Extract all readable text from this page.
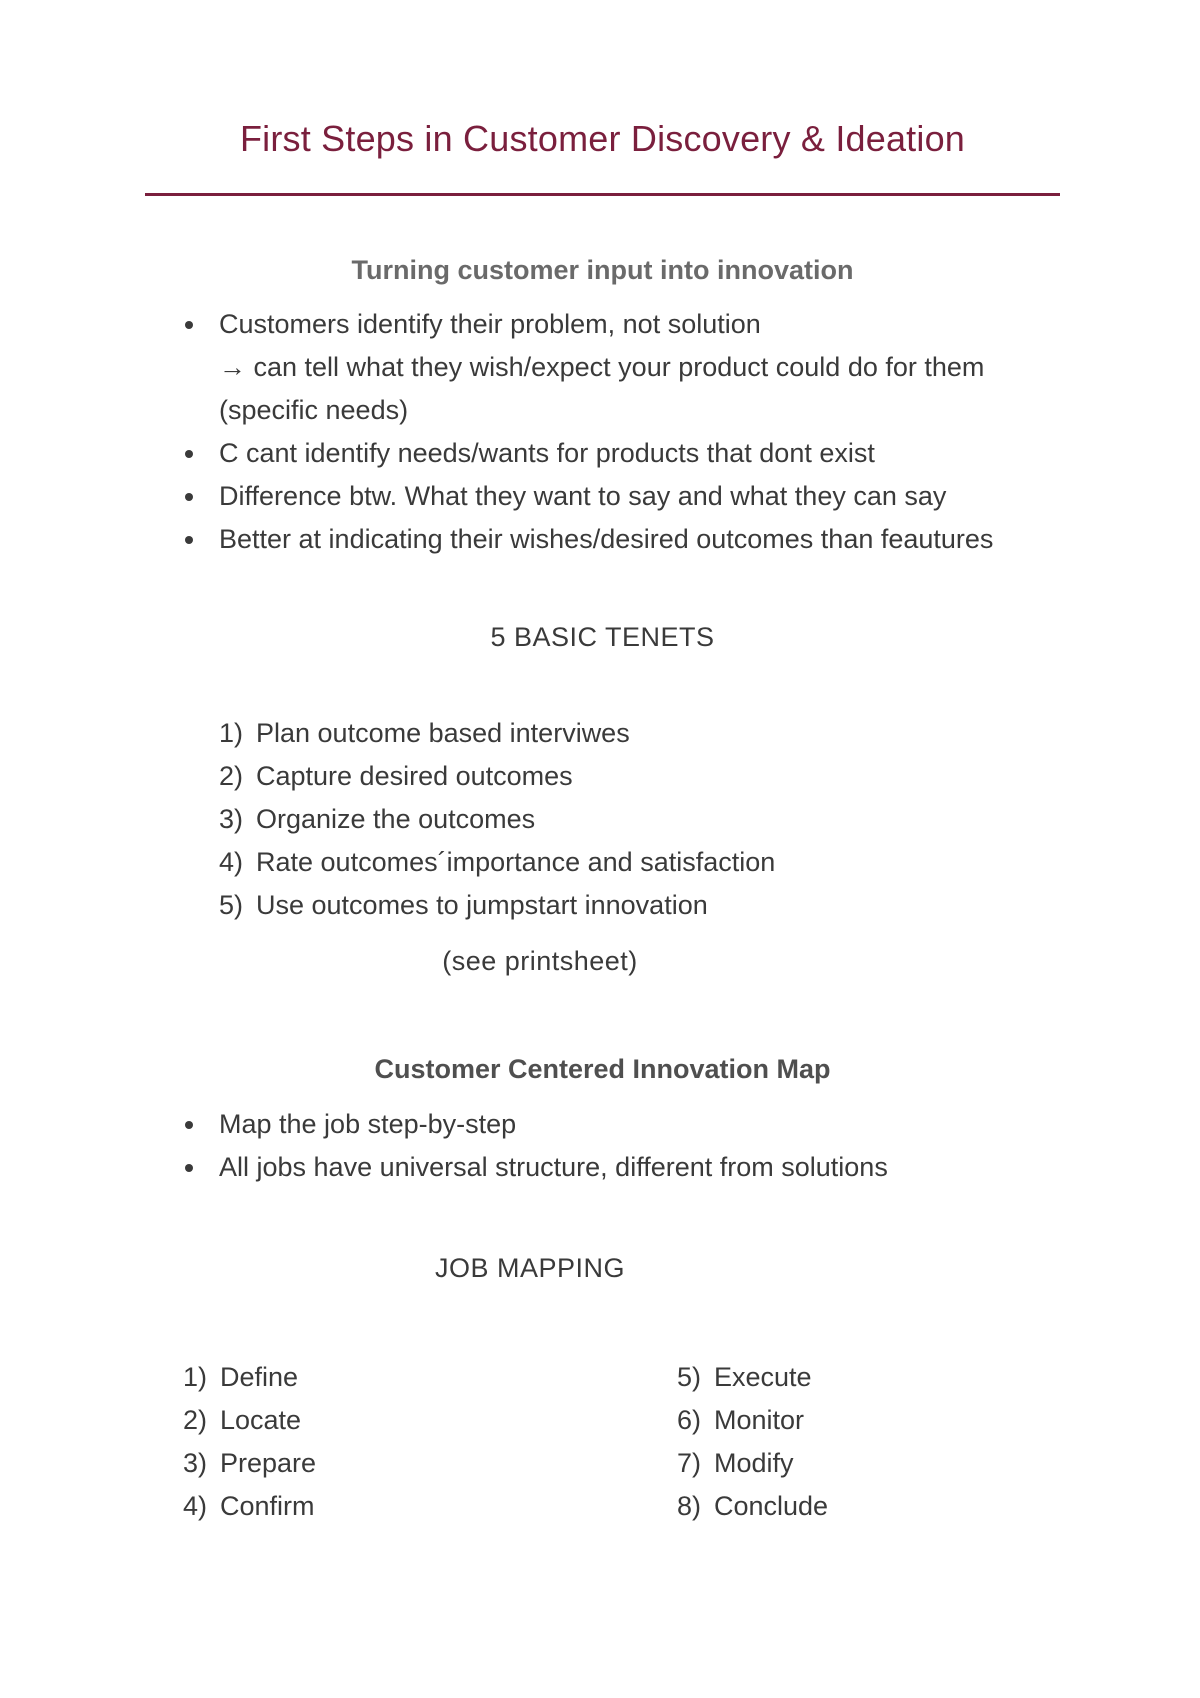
First Steps in Customer Discovery & Ideation
Turning customer input into innovation
Customers identify their problem, not solution
→ can tell what they wish/expect your product could do for them (specific needs)
C cant identify needs/wants for products that dont exist
Difference btw. What they want to say and what they can say
Better at indicating their wishes/desired outcomes than feautures
5 BASIC TENETS
1) Plan outcome based interviwes
2) Capture desired outcomes
3) Organize the outcomes
4) Rate outcomes´importance and satisfaction
5) Use outcomes to jumpstart innovation
(see printsheet)
Customer Centered Innovation Map
Map the job step-by-step
All jobs have universal structure, different from solutions
JOB MAPPING
1) Define
2) Locate
3) Prepare
4) Confirm
5) Execute
6) Monitor
7) Modify
8) Conclude
